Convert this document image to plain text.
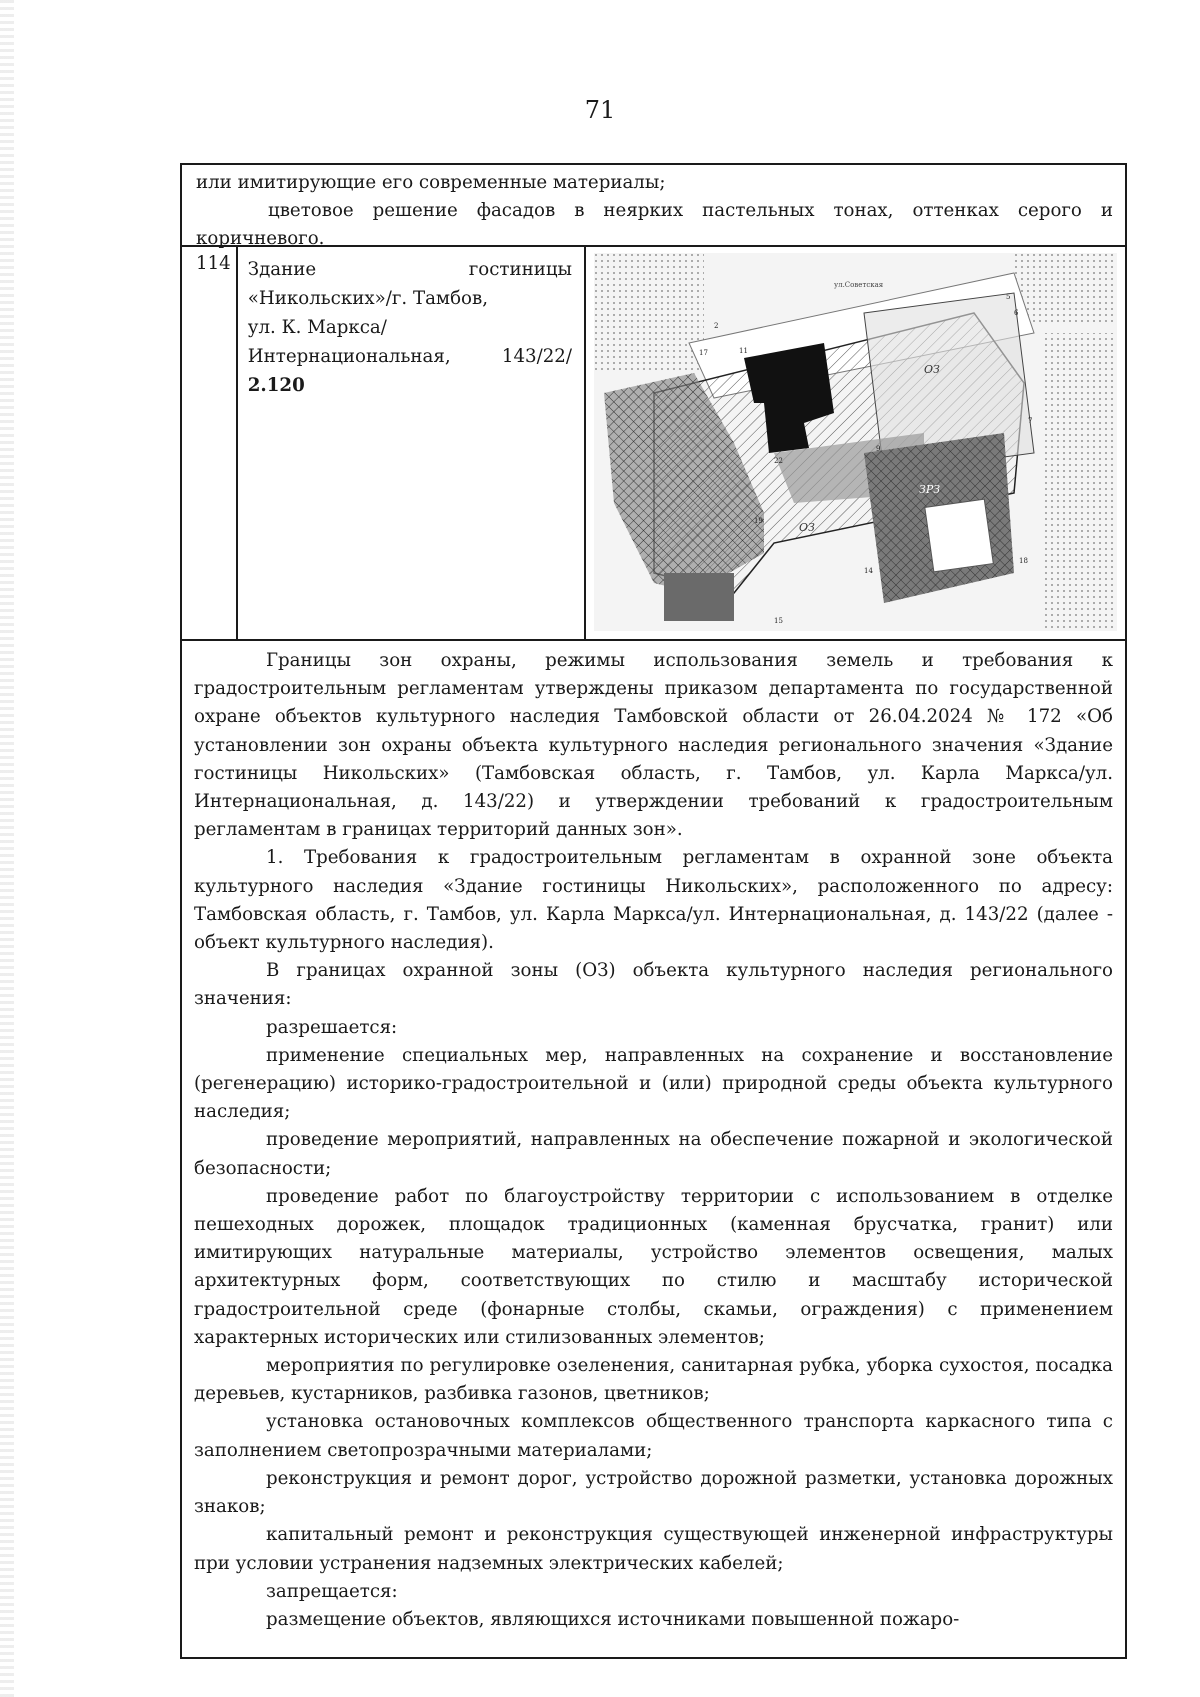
71
или имитирующие его современные материалы;
цветовое решение фасадов в неярких пастельных тонах, оттенках серого и коричневого.
114 Здание гостиницы
«Никольских»/г. Тамбов,
ул. К. Маркса/
Интернациональная, 143/22/
2.120
ОЗ
ОЗ
ЗРЗ
ул.Советская
2
5
6
7
9
11
22
14
18
19
17
15

Границы зон охраны, режимы использования земель и требования к градостроительным регламентам утверждены приказом департамента по государственной охране объектов культурного наследия Тамбовской области от 26.04.2024 № 172 «Об установлении зон охраны объекта культурного наследия регионального значения «Здание гостиницы Никольских» (Тамбовская область, г. Тамбов, ул. Карла Маркса/ул. Интернациональная, д. 143/22) и утверждении требований к градостроительным регламентам в границах территорий данных зон».

1. Требования к градостроительным регламентам в охранной зоне объекта культурного наследия «Здание гостиницы Никольских», расположенного по адресу: Тамбовская область, г. Тамбов, ул. Карла Маркса/ул. Интернациональная, д. 143/22 (далее - объект культурного наследия).

В границах охранной зоны (ОЗ) объекта культурного наследия регионального значения:

разрешается:

применение специальных мер, направленных на сохранение и восстановление (регенерацию) историко-градостроительной и (или) природной среды объекта культурного наследия;

проведение мероприятий, направленных на обеспечение пожарной и экологической безопасности;

проведение работ по благоустройству территории с использованием в отделке пешеходных дорожек, площадок традиционных (каменная брусчатка, гранит) или имитирующих натуральные материалы, устройство элементов освещения, малых архитектурных форм, соответствующих по стилю и масштабу исторической градостроительной среде (фонарные столбы, скамьи, ограждения) с применением характерных исторических или стилизованных элементов;

мероприятия по регулировке озеленения, санитарная рубка, уборка сухостоя, посадка деревьев, кустарников, разбивка газонов, цветников;

установка остановочных комплексов общественного транспорта каркасного типа с заполнением светопрозрачными материалами;

реконструкция и ремонт дорог, устройство дорожной разметки, установка дорожных знаков;

капитальный ремонт и реконструкция существующей инженерной инфраструктуры при условии устранения надземных электрических кабелей;

запрещается:

размещение объектов, являющихся источниками повышенной пожаро-
